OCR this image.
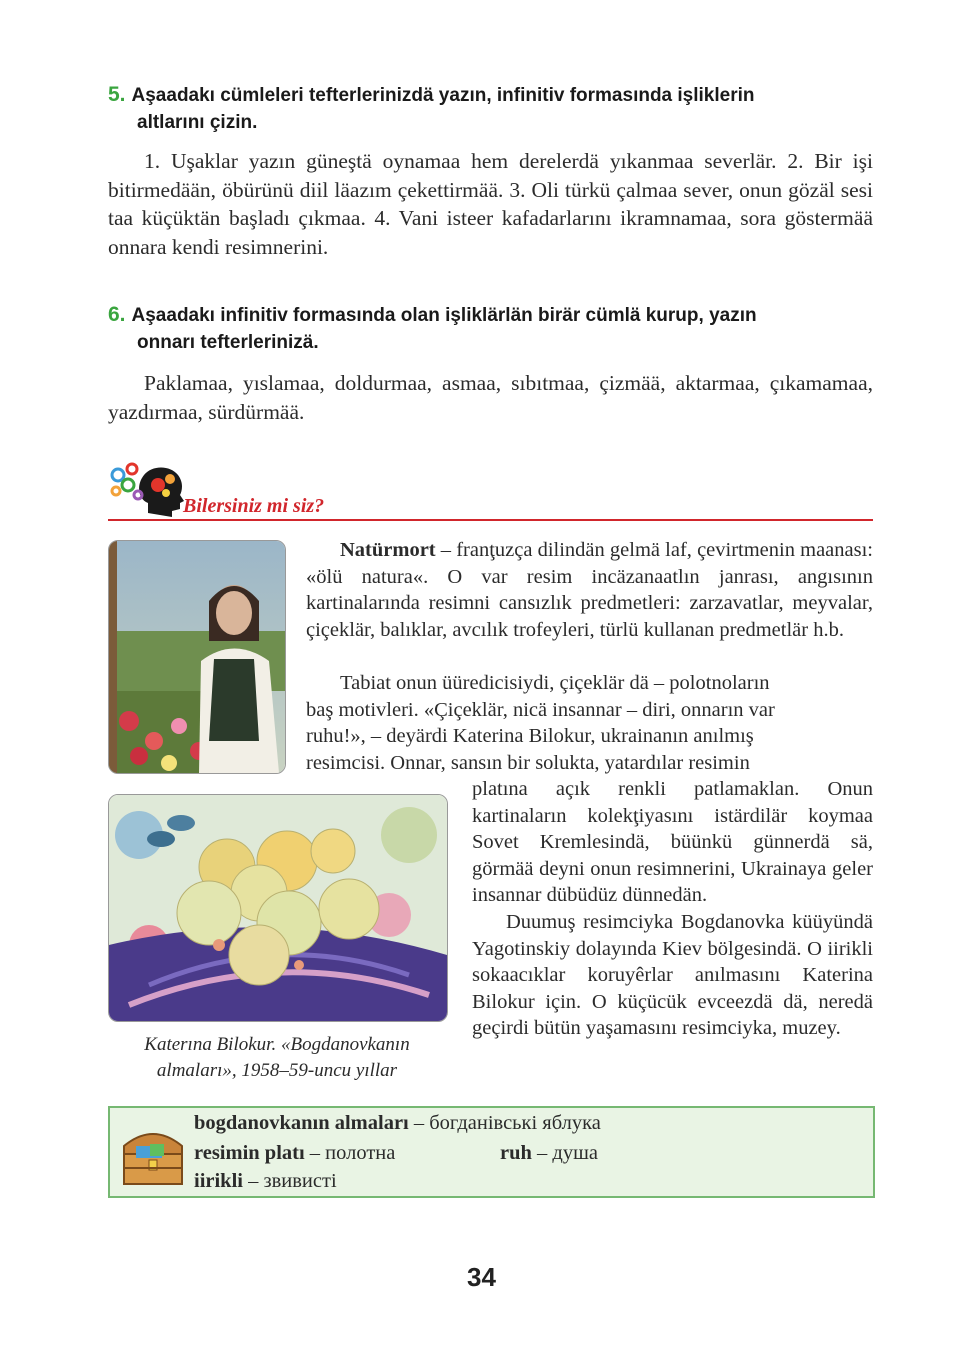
5. Aşaadakı cümleleri tefterlerinizdä yazın, infinitiv formasında işliklerin
altlarını çizin.

1. Uşaklar yazın güneştä oynamaa hem derelerdä yıkanmaa severlär. 2. Bir işi bitirmedään, öbürünü diil läazım çekettirmää. 3. Oli türkü çalmaa sever, onun gözäl sesi taa küçüktän başladı çıkmaa. 4. Vani isteer kafadarlarını ikramnamaa, sora göstermää onnara kendi resimnerini.

6. Aşaadakı infinitiv formasında olan işliklärlän birär cümlä kurup, yazın
onnarı tefterlerinizä.

Paklamaa, yıslamaa, doldurmaa, asmaa, sıbıtmaa, çizmää, aktarmaa, çıkamamaa, yazdırmaa, sürdürmää.

Bilersiniz mi siz?
Katerına Bilokur. «Bogdanovkanın
almaları», 1958–59-uncu yıllar

Natürmort – franţuzça dilindän gelmä laf, çevirtmenin maanası: «ölü natura«. O var resim incäzanaatlın janrası, angısının kartinalarında resimni cansızlık predmetleri: zarzavatlar, meyvalar, çiçeklär, balıklar, avcılık trofeyleri, türlü kullanan predmetlär h.b.

Tabiat onun üüredicisiydi, çiçeklär dä – polotnoların
baş motivleri. «Çiçeklär, nicä insannar – diri, onnarın var
ruhu!», – deyärdi Katerina Bilokur, ukrainanın anılmış
resimcisi. Onnar, sansın bir solukta, yatardılar resimin
platına açık renkli patlamaklan. Onun kartinaların kolekţiyasını istärdilär koymaa Sovet Kremlesindä, büünkü günnerdä sä, görmää deyni onun resimnerini, Ukrainaya geler insannar dübüdüz dünnedän.

Duumuş resimciyka Bogdanovka küüyündä Yagotinskiy dolayında Kiev bölgesindä. O iirikli sokaacıklar koruyêrlar anılmasını Katerina Bilokur için. O küçücük evceezdä dä, neredä geçirdi bütün yaşamasını resimciyka, muzey.

bogdanovkanın almaları – богданівські яблука
resimin platı – полотна	ruh – душа
iirikli – звивисті
34
